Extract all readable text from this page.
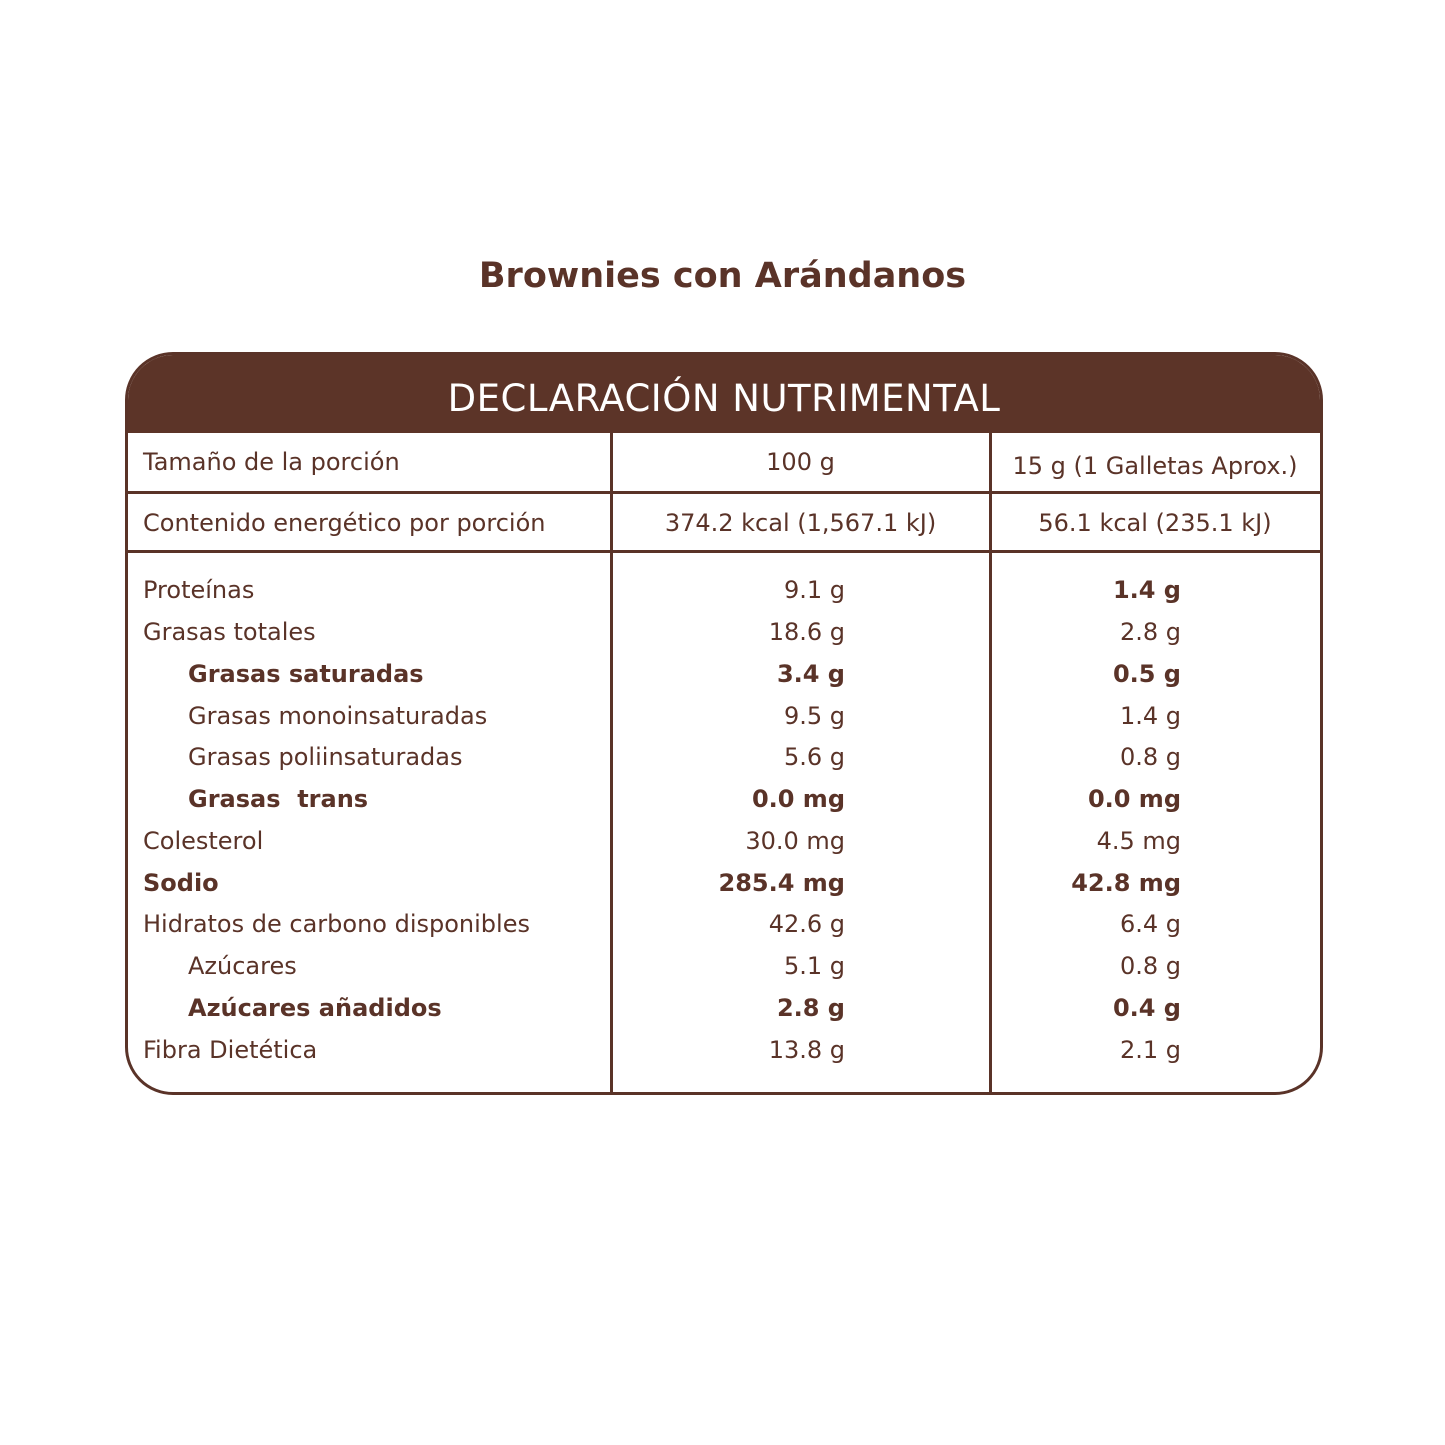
Brownies con Arándanos
DECLARACIÓN NUTRIMENTAL
Tamaño de la porción	100 g	15 g (1 Galletas Aprox.)
Contenido energético por porción	374.2 kcal (1,567.1 kJ)	56.1 kcal (235.1 kJ)
Proteínas	9.1 g	1.4 g
Grasas totales	18.6 g	2.8 g
Grasas saturadas	3.4 g	0.5 g
Grasas monoinsaturadas	9.5 g	1.4 g
Grasas poliinsaturadas	5.6 g	0.8 g
Grasas  trans	0.0 mg	0.0 mg
Colesterol	30.0 mg	4.5 mg
Sodio	285.4 mg	42.8 mg
Hidratos de carbono disponibles	42.6 g	6.4 g
Azúcares	5.1 g	0.8 g
Azúcares añadidos	2.8 g	0.4 g
Fibra Dietética	13.8 g	2.1 g
